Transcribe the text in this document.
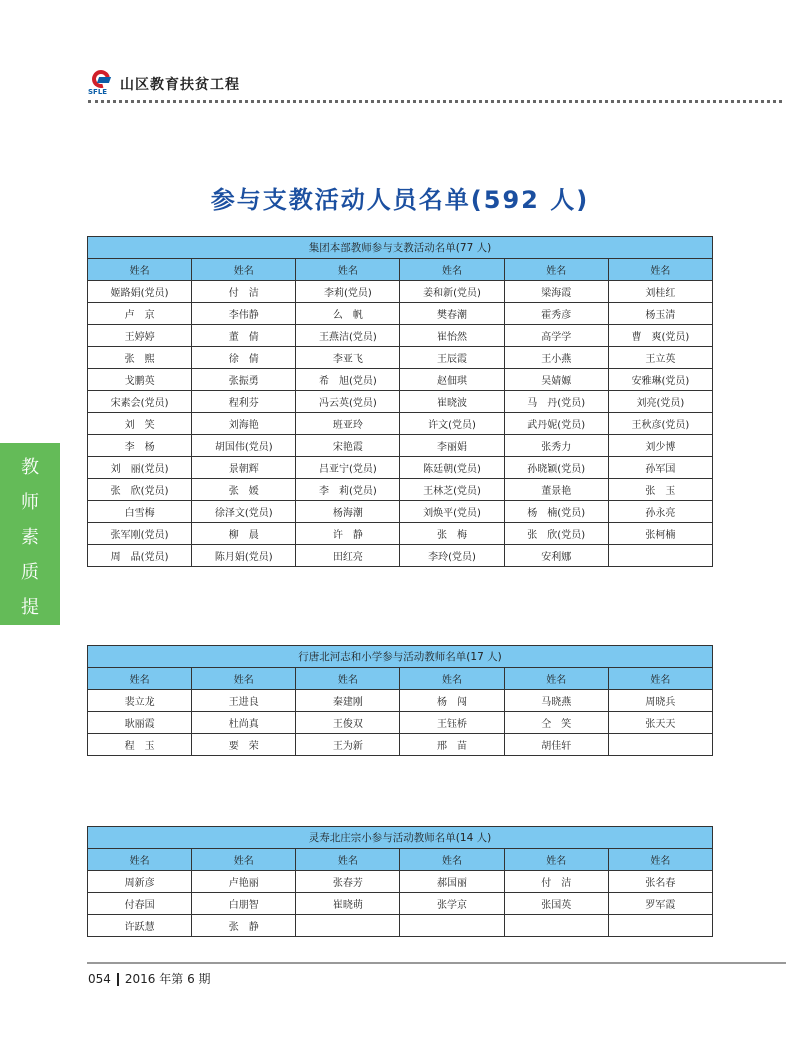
SFLE 山区教育扶贫工程
参与支教活动人员名单(592 人)
教
师
素
质
提
升
工
程
集团本部教师参与支教活动名单(77 人)					
姓名	姓名	姓名	姓名	姓名	姓名
姬路娟(党员)	付　洁	李莉(党员)	姜和新(党员)	梁海霞	刘桂红
卢　京	李伟静	么　帆	樊春潮	霍秀彦	杨玉清
王婷婷	董　倩	王燕洁(党员)	崔怡然	高学学	曹　爽(党员)
张　熙	徐　倩	李亚飞	王辰霞	王小燕	王立英
戈鹏英	张振勇	希　旭(党员)	赵佃琪	吴婧嫄	安雅琳(党员)
宋素会(党员)	程利芬	冯云英(党员)	崔晓波	马　丹(党员)	刘亮(党员)
刘　笑	刘海艳	班亚玲	许文(党员)	武丹妮(党员)	王秋彦(党员)
李　杨	胡国伟(党员)	宋艳霞	李丽娟	张秀力	刘少博
刘　丽(党员)	景朝辉	吕亚宁(党员)	陈廷朝(党员)	孙晓颖(党员)	孙军国
张　欣(党员)	张　媛	李　莉(党员)	王林芝(党员)	董景艳	张　玉
白雪梅	徐泽文(党员)	杨海潮	刘焕平(党员)	杨　楠(党员)	孙永亮
张军刚(党员)	柳　晨	许　静	张　梅	张　欣(党员)	张柯楠
周　晶(党员)	陈月娟(党员)	田红亮	李玲(党员)	安利娜	
行唐北河志和小学参与活动教师名单(17 人)					
姓名	姓名	姓名	姓名	姓名	姓名
裴立龙	王进良	秦建刚	杨　闯	马晓燕	周晓兵
耿丽霞	杜尚真	王俊双	王钰桥	仝　笑	张天天
程　玉	要　荣	王为新	邢　苗	胡佳轩	
灵寿北庄宗小参与活动教师名单(14 人)					
姓名	姓名	姓名	姓名	姓名	姓名
周新彦	卢艳丽	张春芳	郝国丽	付　洁	张名春
付春国	白朋智	崔晓萌	张学京	张国英	罗军霞
许跃慧	张　静				
054 2016 年第 6 期
